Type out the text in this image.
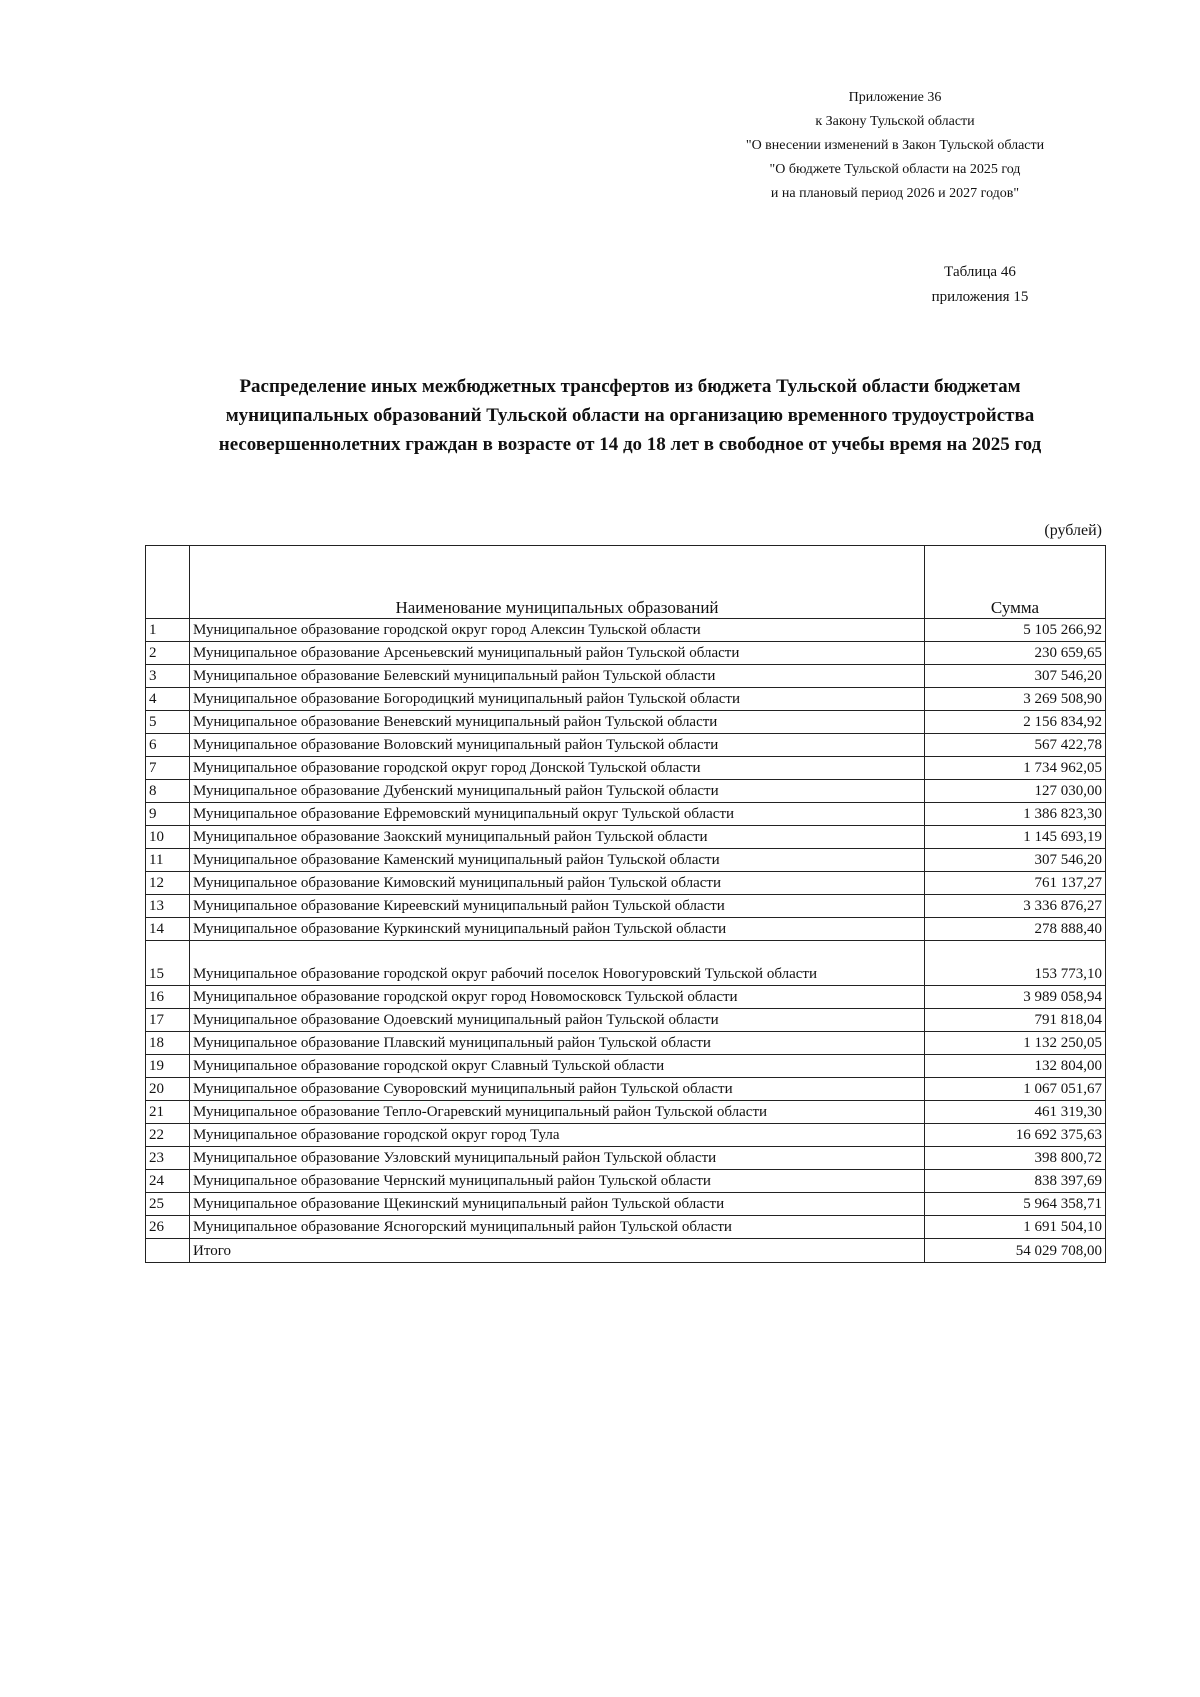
Приложение 36
к Закону Тульской области
"О внесении изменений в Закон Тульской области
"О бюджете Тульской области на 2025 год
и на плановый период 2026 и 2027 годов"
Таблица 46
приложения 15
Распределение иных межбюджетных трансфертов из бюджета Тульской области бюджетам
муниципальных образований Тульской области на организацию временного трудоустройства
несовершеннолетних граждан в возрасте от 14 до 18 лет в свободное от учебы время на 2025 год
(рублей)
	Наименование муниципальных образований	Сумма
1	Муниципальное образование городской округ город Алексин Тульской области	5 105 266,92
2	Муниципальное образование Арсеньевский муниципальный район Тульской области	230 659,65
3	Муниципальное образование Белевский муниципальный район Тульской области	307 546,20
4	Муниципальное образование Богородицкий муниципальный район Тульской области	3 269 508,90
5	Муниципальное образование Веневский муниципальный район Тульской области	2 156 834,92
6	Муниципальное образование Воловский муниципальный район Тульской области	567 422,78
7	Муниципальное образование городской округ город Донской Тульской области	1 734 962,05
8	Муниципальное образование Дубенский муниципальный район Тульской области	127 030,00
9	Муниципальное образование Ефремовский муниципальный округ Тульской области	1 386 823,30
10	Муниципальное образование Заокский муниципальный район Тульской области	1 145 693,19
11	Муниципальное образование Каменский муниципальный район Тульской области	307 546,20
12	Муниципальное образование Кимовский муниципальный район Тульской области	761 137,27
13	Муниципальное образование Киреевский муниципальный район Тульской области	3 336 876,27
14	Муниципальное образование Куркинский муниципальный район Тульской области	278 888,40
15	Муниципальное образование городской округ рабочий поселок Новогуровский Тульской области	153 773,10
16	Муниципальное образование городской округ город Новомосковск Тульской области	3 989 058,94
17	Муниципальное образование Одоевский муниципальный район Тульской области	791 818,04
18	Муниципальное образование Плавский муниципальный район Тульской области	1 132 250,05
19	Муниципальное образование городской округ Славный Тульской области	132 804,00
20	Муниципальное образование Суворовский муниципальный район Тульской области	1 067 051,67
21	Муниципальное образование Тепло-Огаревский муниципальный район Тульской области	461 319,30
22	Муниципальное образование городской округ город Тула	16 692 375,63
23	Муниципальное образование Узловский муниципальный район Тульской области	398 800,72
24	Муниципальное образование Чернский муниципальный район Тульской области	838 397,69
25	Муниципальное образование Щекинский муниципальный район Тульской области	5 964 358,71
26	Муниципальное образование Ясногорский муниципальный район Тульской области	1 691 504,10
	Итого	54 029 708,00
